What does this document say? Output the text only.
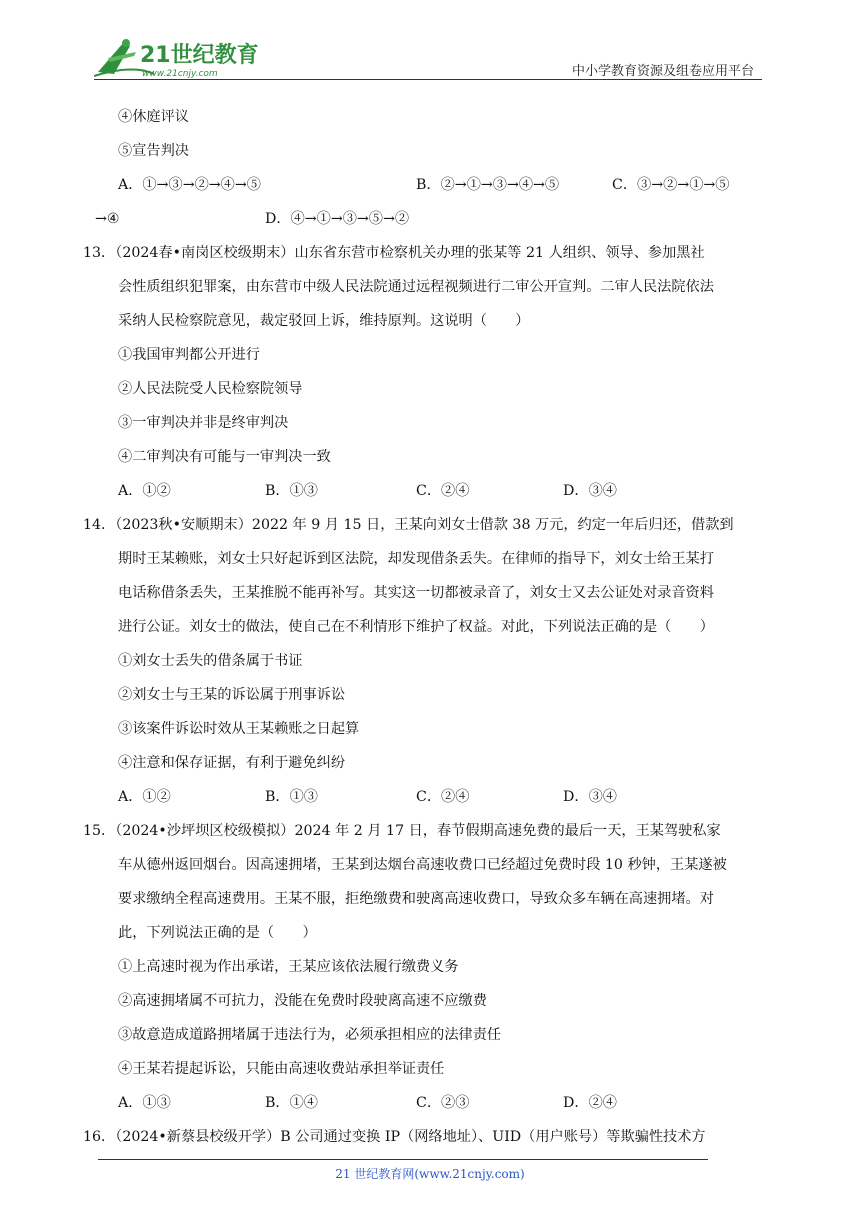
21世纪教育
www.21cnjy.com	中小学教育资源及组卷应用平台
④休庭评议
⑤宣告判决
A．①→③→②→④→⑤	B．②→①→③→④→⑤	C．③→②→①→⑤
→④	D．④→①→③→⑤→②
13．（2024春•南岗区校级期末）山东省东营市检察机关办理的张某等 21 人组织、领导、参加黑社
会性质组织犯罪案，由东营市中级人民法院通过远程视频进行二审公开宣判。二审人民法院依法
采纳人民检察院意见，裁定驳回上诉，维持原判。这说明（　　）
①我国审判都公开进行
②人民法院受人民检察院领导
③一审判决并非是终审判决
④二审判决有可能与一审判决一致
A．①②	B．①③	C．②④	D．③④
14．（2023秋•安顺期末）2022 年 9 月 15 日，王某向刘女士借款 38 万元，约定一年后归还，借款到
期时王某赖账，刘女士只好起诉到区法院，却发现借条丢失。在律师的指导下，刘女士给王某打
电话称借条丢失，王某推脱不能再补写。其实这一切都被录音了，刘女士又去公证处对录音资料
进行公证。刘女士的做法，使自己在不利情形下维护了权益。对此，下列说法正确的是（　　）
①刘女士丢失的借条属于书证
②刘女士与王某的诉讼属于刑事诉讼
③该案件诉讼时效从王某赖账之日起算
④注意和保存证据，有利于避免纠纷
A．①②	B．①③	C．②④	D．③④
15．（2024•沙坪坝区校级模拟）2024 年 2 月 17 日，春节假期高速免费的最后一天，王某驾驶私家
车从德州返回烟台。因高速拥堵，王某到达烟台高速收费口已经超过免费时段 10 秒钟，王某遂被
要求缴纳全程高速费用。王某不服，拒绝缴费和驶离高速收费口，导致众多车辆在高速拥堵。对
此，下列说法正确的是（　　）
①上高速时视为作出承诺，王某应该依法履行缴费义务
②高速拥堵属不可抗力，没能在免费时段驶离高速不应缴费
③故意造成道路拥堵属于违法行为，必须承担相应的法律责任
④王某若提起诉讼，只能由高速收费站承担举证责任
A．①③	B．①④	C．②③	D．②④
16．（2024•新蔡县校级开学）B 公司通过变换 IP（网络地址）、UID（用户账号）等欺骗性技术方
21 世纪教育网(www.21cnjy.com)
